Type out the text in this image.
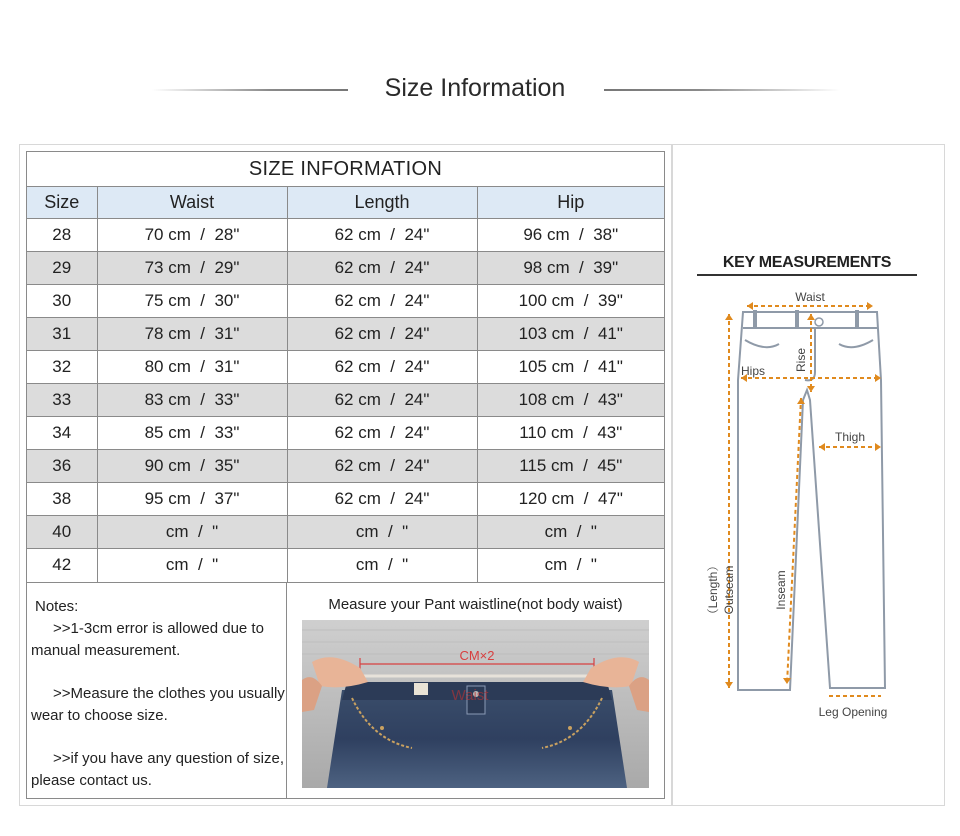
Size Information
SIZE INFORMATION
Size	Waist	Length	Hip
28	70 cm  /  28"	62 cm  /  24"	96 cm  /  38"
29	73 cm  /  29"	62 cm  /  24"	98 cm  /  39"
30	75 cm  /  30"	62 cm  /  24"	100 cm  /  39"
31	78 cm  /  31"	62 cm  /  24"	103 cm  /  41"
32	80 cm  /  31"	62 cm  /  24"	105 cm  /  41"
33	83 cm  /  33"	62 cm  /  24"	108 cm  /  43"
34	85 cm  /  33"	62 cm  /  24"	110 cm  /  43"
36	90 cm  /  35"	62 cm  /  24"	115 cm  /  45"
38	95 cm  /  37"	62 cm  /  24"	120 cm  /  47"
40	cm  /  "	cm  /  "	cm  /  "
42	cm  /  "	cm  /  "	cm  /  "
Notes:

>>1-3cm error is allowed due to manual measurement.

>>Measure the clothes you usually wear to choose size.

>>if you have any question of size, please contact us.

Measure your Pant waistline(not body waist)
CM×2
Waist
KEY MEASUREMENTS
Waist
Rise
Hips
Thigh
（Length） Outseam	Inseam
Leg Opening
